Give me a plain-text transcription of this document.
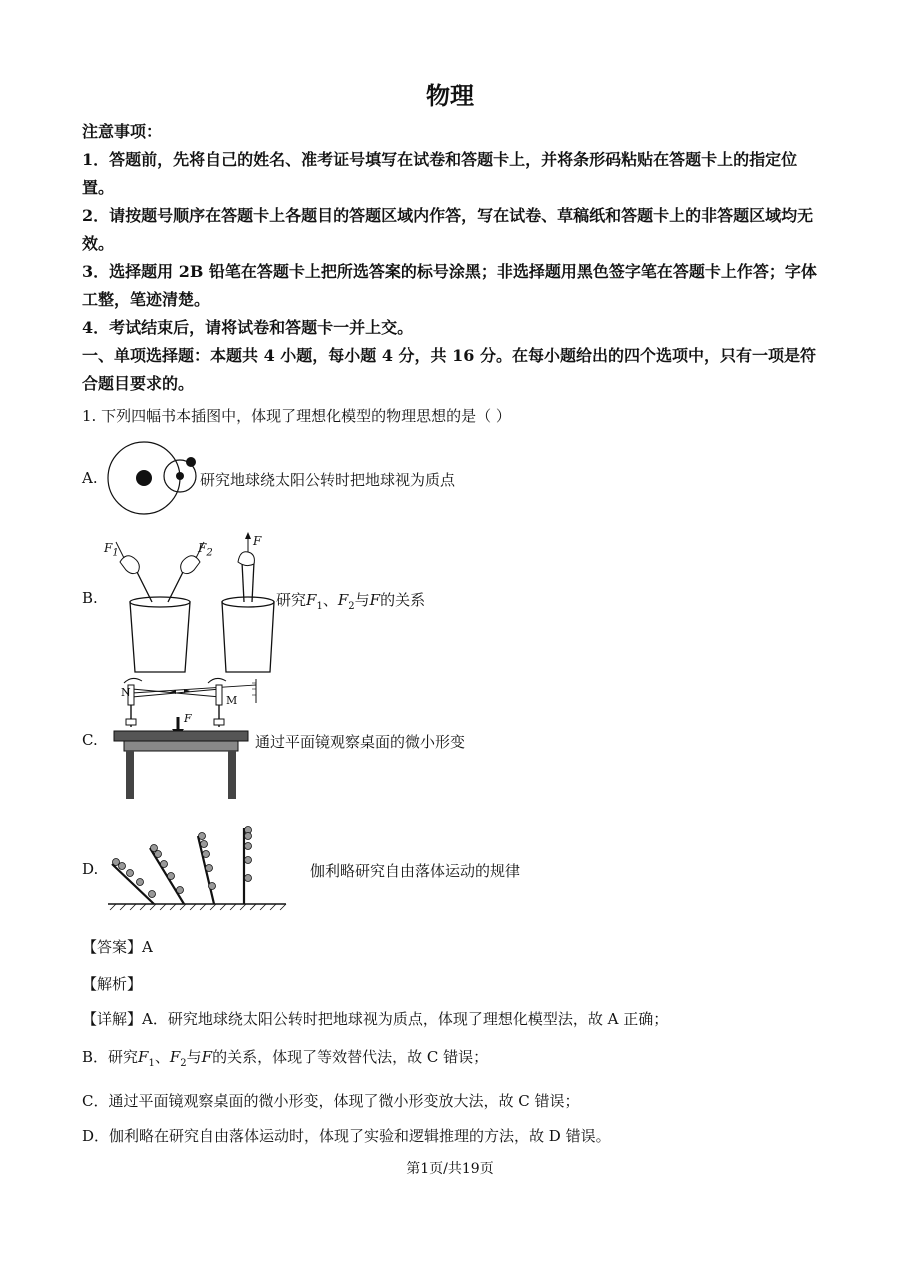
物理
注意事项：
1．答题前，先将自己的姓名、准考证号填写在试卷和答题卡上，并将条形码粘贴在答题卡上的指定位置。
2．请按题号顺序在答题卡上各题目的答题区域内作答，写在试卷、草稿纸和答题卡上的非答题区域均无效。
3．选择题用 2B 铅笔在答题卡上把所选答案的标号涂黑；非选择题用黑色签字笔在答题卡上作答；字体工整，笔迹清楚。
4．考试结束后，请将试卷和答题卡一并上交。
一、单项选择题：本题共 4 小题，每小题 4 分，共 16 分。在每小题给出的四个选项中，只有一项是符合题目要求的。
1. 下列四幅书本插图中，体现了理想化模型的物理思想的是（ ）
A.	研究地球绕太阳公转时把地球视为质点
B.
$F_1$	$F_2$
F
研究$F_1$、$F_2$与F的关系
C.
N
M
F
通过平面镜观察桌面的微小形变
D.	伽利略研究自由落体运动的规律
【答案】A
【解析】
【详解】A．研究地球绕太阳公转时把地球视为质点，体现了理想化模型法，故 A 正确；
B．研究$F_1$、$F_2$与F的关系，体现了等效替代法，故 C 错误；
C．通过平面镜观察桌面的微小形变，体现了微小形变放大法，故 C 错误；
D．伽利略在研究自由落体运动时，体现了实验和逻辑推理的方法，故 D 错误。
第1页/共19页
